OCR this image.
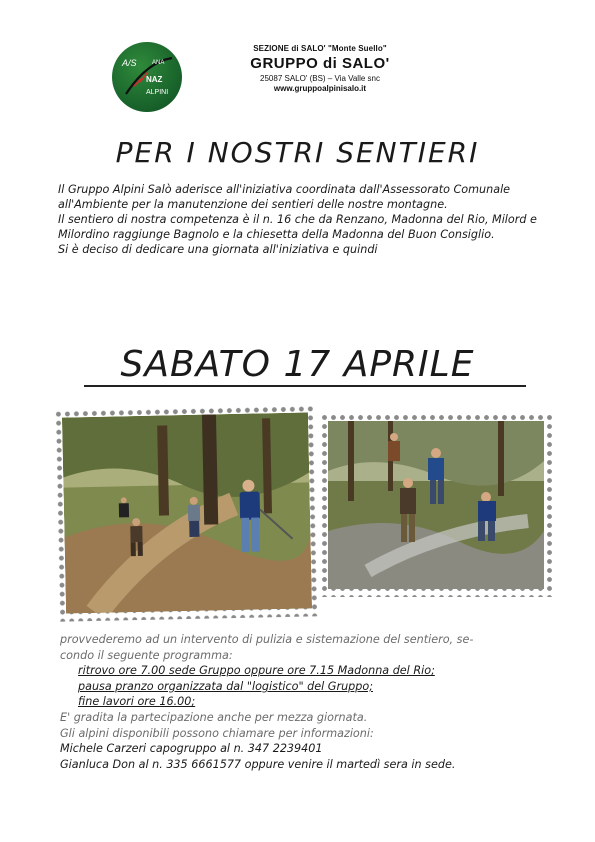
A/S	ANA
NAZ
ALPINI
SEZIONE di SALO' "Monte Suello"
GRUPPO di SALO'
25087 SALO' (BS) – Via Valle snc
www.gruppoalpinisalo.it
PER I NOSTRI SENTIERI

Il Gruppo Alpini Salò aderisce all'iniziativa coordinata dall'Assessorato Comunale all'Ambiente per la manutenzione dei sentieri delle nostre montagne.

Il sentiero di nostra competenza è il n. 16 che da Renzano, Madonna del Rio, Milord e Milordino raggiunge Bagnolo e la chiesetta della Madonna del Buon Consiglio.

Si è deciso di dedicare una giornata all'iniziativa e quindi

SABATO 17 APRILE
provvederemo ad un intervento di pulizia e sistemazione del sentiero, se-
condo il seguente programma:
ritrovo ore 7.00 sede Gruppo oppure ore 7.15 Madonna del Rio;
pausa pranzo organizzata dal "logistico" del Gruppo;
fine lavori ore 16.00;
E' gradita la partecipazione anche per mezza giornata.
Gli alpini disponibili possono chiamare per informazioni:
Michele Carzeri capogruppo al n. 347 2239401
Gianluca Don al n. 335 6661577 oppure venire il martedì sera in sede.
